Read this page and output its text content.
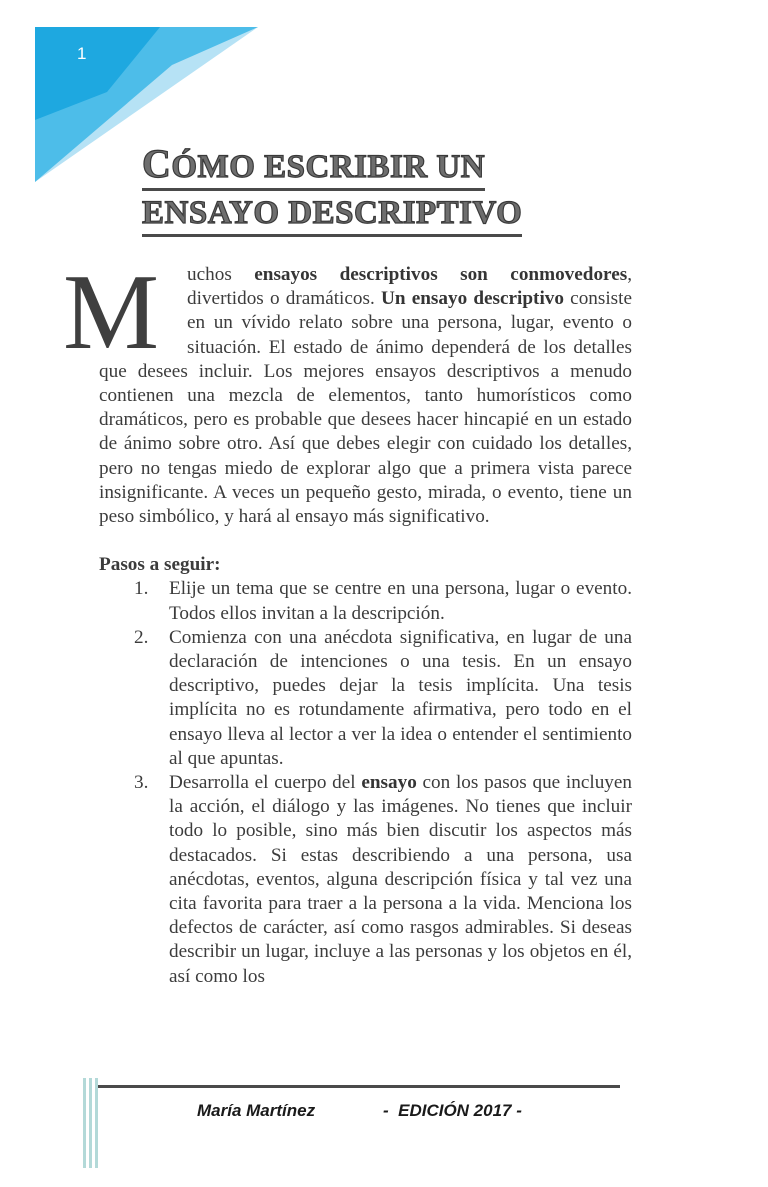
1
CÓMO ESCRIBIR UN
ENSAYO DESCRIPTIVO

M uchos ensayos descriptivos son conmovedores, divertidos o dramáticos. Un ensayo descriptivo consiste en un vívido relato sobre una persona, lugar, evento o situación. El estado de ánimo dependerá de los detalles que desees incluir. Los mejores ensayos descriptivos a menudo contienen una mezcla de elementos, tanto humorísticos como dramáticos, pero es probable que desees hacer hincapié en un estado de ánimo sobre otro. Así que debes elegir con cuidado los detalles, pero no tengas miedo de explorar algo que a primera vista parece insignificante. A veces un pequeño gesto, mirada, o evento, tiene un peso simbólico, y hará al ensayo más significativo.

Pasos a seguir:

1. Elije un tema que se centre en una persona, lugar o evento. Todos ellos invitan a la descripción.
2. Comienza con una anécdota significativa, en lugar de una declaración de intenciones o una tesis. En un ensayo descriptivo, puedes dejar la tesis implícita. Una tesis implícita no es rotundamente afirmativa, pero todo en el ensayo lleva al lector a ver la idea o entender el sentimiento al que apuntas.
3. Desarrolla el cuerpo del ensayo con los pasos que incluyen la acción, el diálogo y las imágenes. No tienes que incluir todo lo posible, sino más bien discutir los aspectos más destacados. Si estas describiendo a una persona, usa anécdotas, eventos, alguna descripción física y tal vez una cita favorita para traer a la persona a la vida. Menciona los defectos de carácter, así como rasgos admirables. Si deseas describir un lugar, incluye a las personas y los objetos en él, así como los
María Martínez	-  EDICIÓN 2017 -
